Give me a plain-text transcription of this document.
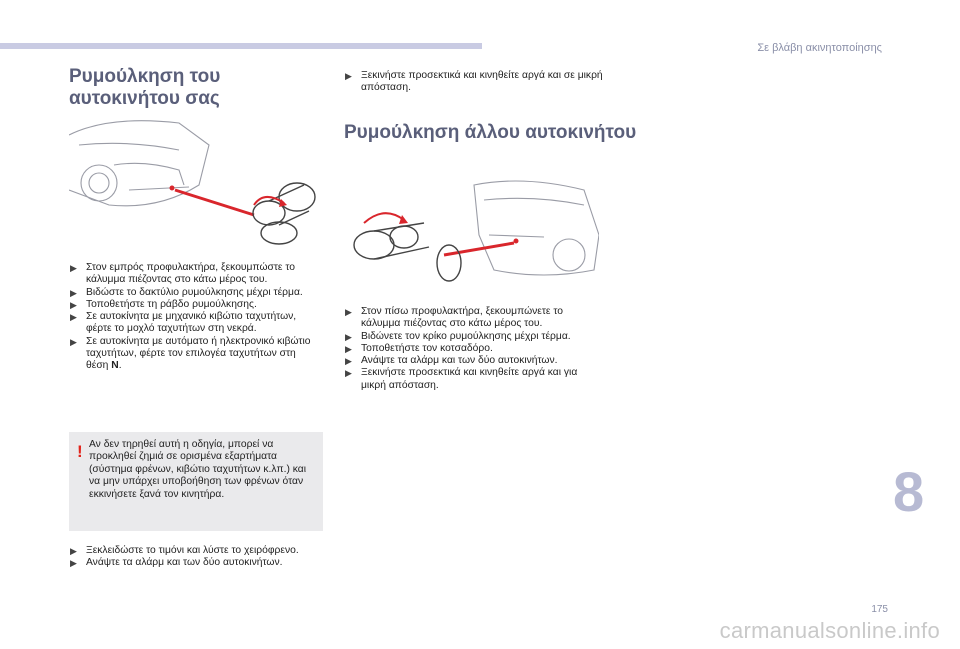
Σε βλάβη ακινητοποίησης
Ρυμούλκηση του αυτοκινήτου σας
▶ Στον εμπρός προφυλακτήρα, ξεκουμπώστε το κάλυμμα πιέζοντας στο κάτω μέρος του.
▶ Βιδώστε το δακτύλιο ρυμούλκησης μέχρι τέρμα.
▶ Τοποθετήστε τη ράβδο ρυμούλκησης.
▶ Σε αυτοκίνητα με μηχανικό κιβώτιο ταχυτήτων, φέρτε το μοχλό ταχυτήτων στη νεκρά.
▶ Σε αυτοκίνητα με αυτόματο ή ηλεκτρονικό κιβώτιο ταχυτήτων, φέρτε τον επιλογέα ταχυτήτων στη θέση N.
! Αν δεν τηρηθεί αυτή η οδηγία, μπορεί να προκληθεί ζημιά σε ορισμένα εξαρτήματα (σύστημα φρένων, κιβώτιο ταχυτήτων κ.λπ.) και να μην υπάρχει υποβοήθηση των φρένων όταν εκκινήσετε ξανά τον κινητήρα.

▶ Ξεκλειδώστε το τιμόνι και λύστε το χειρόφρενο.
▶ Ανάψτε τα αλάρμ και των δύο αυτοκινήτων.
▶ Ξεκινήστε προσεκτικά και κινηθείτε αργά και σε μικρή απόσταση.
Ρυμούλκηση άλλου αυτοκινήτου
▶ Στον πίσω προφυλακτήρα, ξεκουμπώνετε το κάλυμμα πιέζοντας στο κάτω μέρος του.
▶ Βιδώνετε τον κρίκο ρυμούλκησης μέχρι τέρμα.
▶ Τοποθετήστε τον κοτσαδόρο.
▶ Ανάψτε τα αλάρμ και των δύο αυτοκινήτων.
▶ Ξεκινήστε προσεκτικά και κινηθείτε αργά και για μικρή απόσταση.
8
175
carmanualsonline.info
